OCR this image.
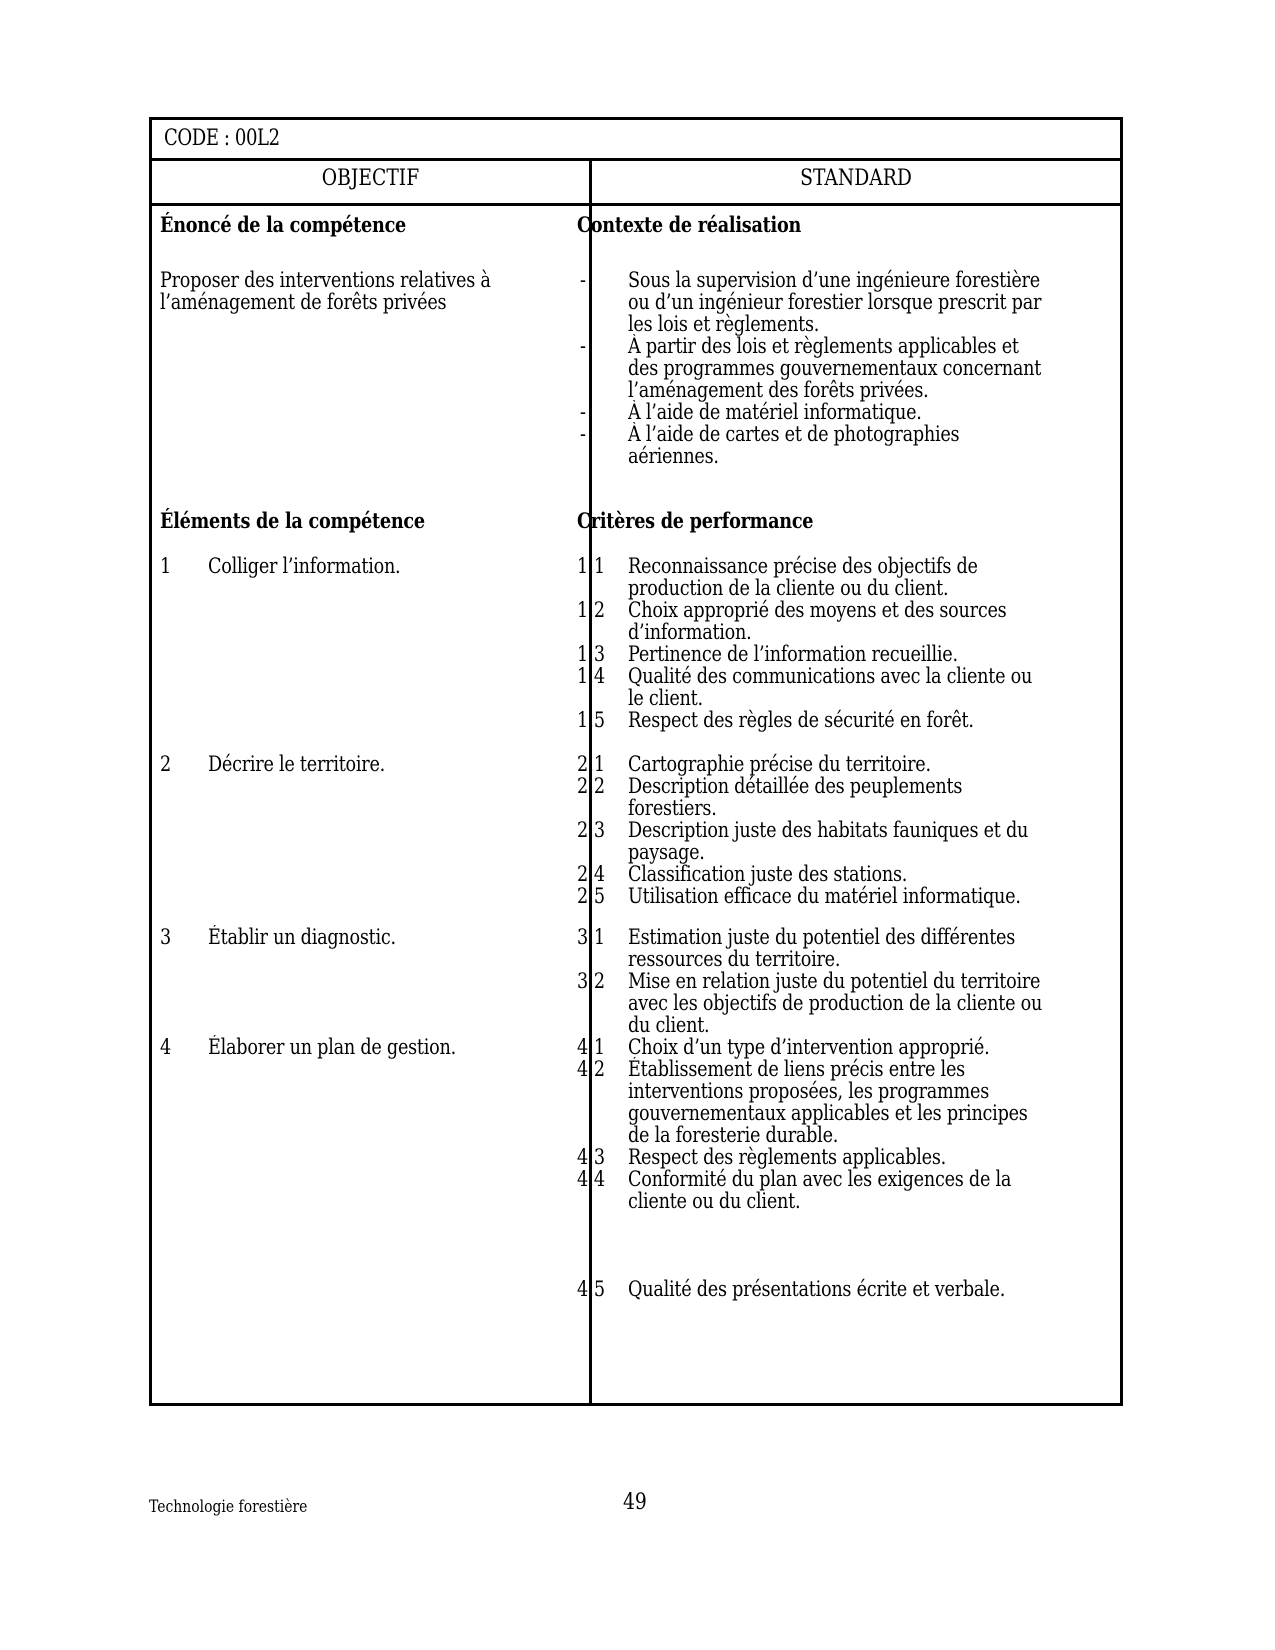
CODE : 00L2
OBJECTIF	STANDARD
Énoncé de la compétence
Proposer des interventions relatives à
l’aménagement de forêts privées
Éléments de la compétence
1 Colliger l’information.
2 Décrire le territoire.
3 Établir un diagnostic.
4 Élaborer un plan de gestion.
Contexte de réalisation
- Sous la supervision d’une ingénieure forestière
ou d’un ingénieur forestier lorsque prescrit par
les lois et règlements.
- À partir des lois et règlements applicables et
des programmes gouvernementaux concernant
l’aménagement des forêts privées.
- À l’aide de matériel informatique.
- À l’aide de cartes et de photographies
aériennes.
Critères de performance
1.1 Reconnaissance précise des objectifs de
production de la cliente ou du client.
1.2 Choix approprié des moyens et des sources
d’information.
1.3 Pertinence de l’information recueillie.
1.4 Qualité des communications avec la cliente ou
le client.
1.5 Respect des règles de sécurité en forêt.
2.1 Cartographie précise du territoire.
2.2 Description détaillée des peuplements
forestiers.
2.3 Description juste des habitats fauniques et du
paysage.
2.4 Classification juste des stations.
2.5 Utilisation efficace du matériel informatique.
3.1 Estimation juste du potentiel des différentes
ressources du territoire.
3.2 Mise en relation juste du potentiel du territoire
avec les objectifs de production de la cliente ou
du client.
4.1 Choix d’un type d’intervention approprié.
4.2 Établissement de liens précis entre les
interventions proposées, les programmes
gouvernementaux applicables et les principes
de la foresterie durable.
4.3 Respect des règlements applicables.
4.4 Conformité du plan avec les exigences de la
cliente ou du client.
4.5 Qualité des présentations écrite et verbale.
Technologie forestière	49
